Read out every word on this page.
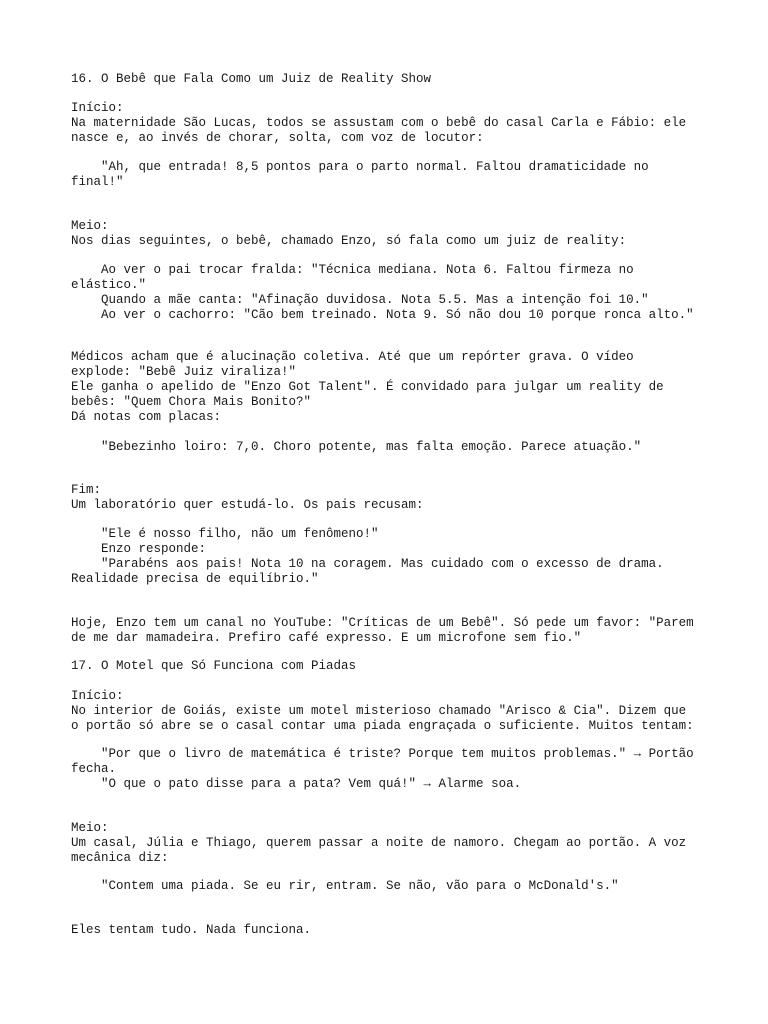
16. O Bebê que Fala Como um Juiz de Reality Show

Início:

Na maternidade São Lucas, todos se assustam com o bebê do casal Carla e Fábio: ele

nasce e, ao invés de chorar, solta, com voz de locutor:

"Ah, que entrada! 8,5 pontos para o parto normal. Faltou dramaticidade no

final!"

Meio:

Nos dias seguintes, o bebê, chamado Enzo, só fala como um juiz de reality:

Ao ver o pai trocar fralda: "Técnica mediana. Nota 6. Faltou firmeza no

elástico."

Quando a mãe canta: "Afinação duvidosa. Nota 5.5. Mas a intenção foi 10."

Ao ver o cachorro: "Cão bem treinado. Nota 9. Só não dou 10 porque ronca alto."

Médicos acham que é alucinação coletiva. Até que um repórter grava. O vídeo

explode: "Bebê Juiz viraliza!"

Ele ganha o apelido de "Enzo Got Talent". É convidado para julgar um reality de

bebês: "Quem Chora Mais Bonito?"

Dá notas com placas:

"Bebezinho loiro: 7,0. Choro potente, mas falta emoção. Parece atuação."

Fim:

Um laboratório quer estudá-lo. Os pais recusam:

"Ele é nosso filho, não um fenômeno!"

Enzo responde:

"Parabéns aos pais! Nota 10 na coragem. Mas cuidado com o excesso de drama.

Realidade precisa de equilíbrio."

Hoje, Enzo tem um canal no YouTube: "Críticas de um Bebê". Só pede um favor: "Parem

de me dar mamadeira. Prefiro café expresso. E um microfone sem fio."

17. O Motel que Só Funciona com Piadas

Início:

No interior de Goiás, existe um motel misterioso chamado "Arisco & Cia". Dizem que

o portão só abre se o casal contar uma piada engraçada o suficiente. Muitos tentam:

"Por que o livro de matemática é triste? Porque tem muitos problemas." → Portão

fecha.

"O que o pato disse para a pata? Vem quá!" → Alarme soa.

Meio:

Um casal, Júlia e Thiago, querem passar a noite de namoro. Chegam ao portão. A voz

mecânica diz:

"Contem uma piada. Se eu rir, entram. Se não, vão para o McDonald's."

Eles tentam tudo. Nada funciona.
